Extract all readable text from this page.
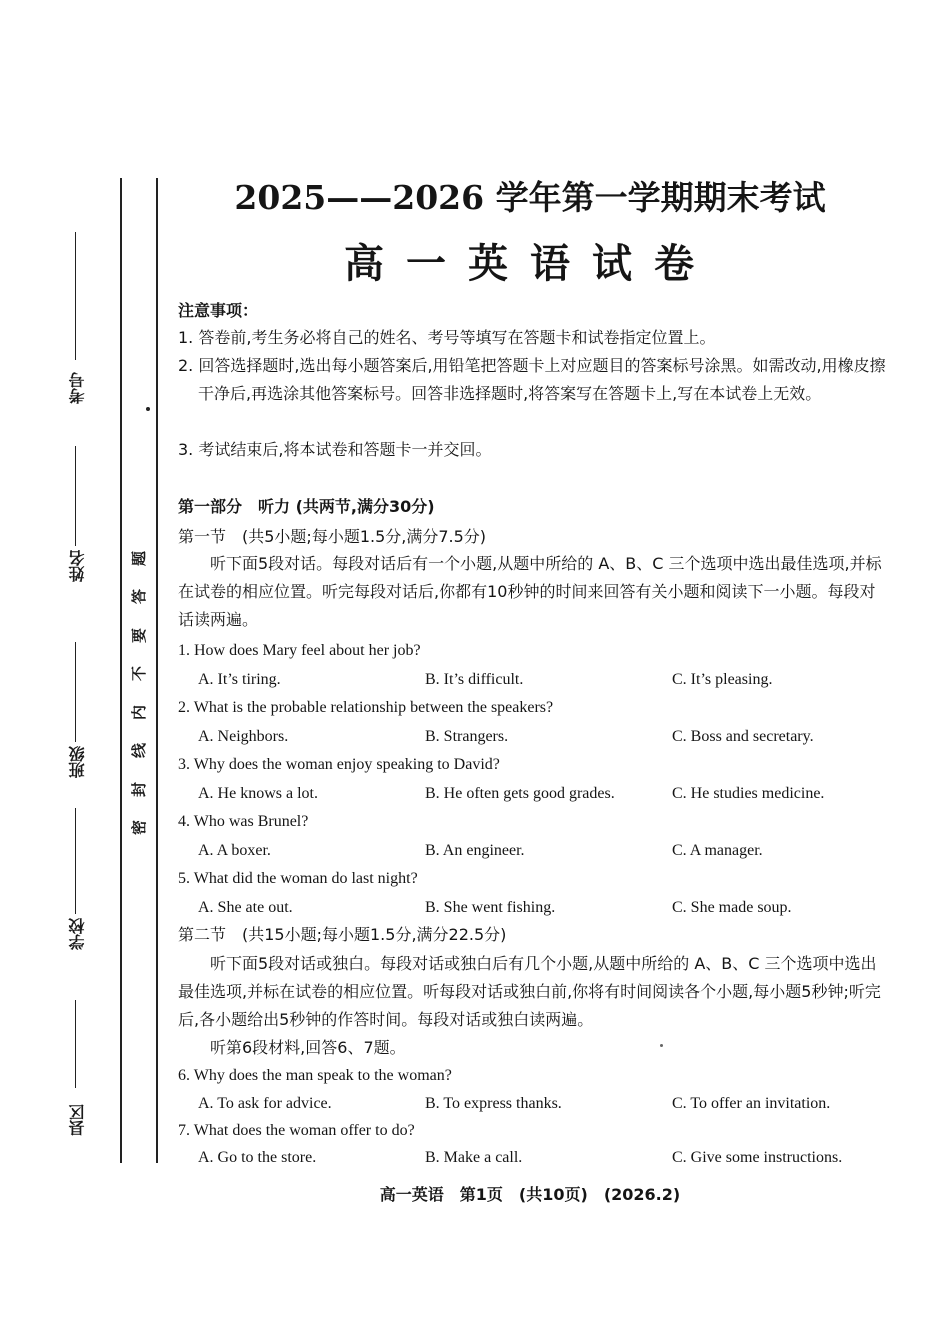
考号
姓名
班级
学校
县区
题
答
要
不
内
线
封
密
2025——2026 学年第一学期期末考试
高一英语试卷
注意事项：
1. 答卷前,考生务必将自己的姓名、考号等填写在答题卡和试卷指定位置上。
2. 回答选择题时,选出每小题答案后,用铅笔把答题卡上对应题目的答案标号涂黑。如需改动,用橡皮擦干净后,再选涂其他答案标号。回答非选择题时,将答案写在答题卡上,写在本试卷上无效。
3. 考试结束后,将本试卷和答题卡一并交回。
第一部分　听力 (共两节,满分30分)
第一节　(共5小题;每小题1.5分,满分7.5分)
听下面5段对话。每段对话后有一个小题,从题中所给的 A、B、C 三个选项中选出最佳选项,并标在试卷的相应位置。听完每段对话后,你都有10秒钟的时间来回答有关小题和阅读下一小题。每段对话读两遍。
1. How does Mary feel about her job?
A. It’s tiring.	B. It’s difficult.	C. It’s pleasing.
2. What is the probable relationship between the speakers?
A. Neighbors.	B. Strangers.	C. Boss and secretary.
3. Why does the woman enjoy speaking to David?
A. He knows a lot.	B. He often gets good grades.	C. He studies medicine.
4. Who was Brunel?
A. A boxer.	B. An engineer.	C. A manager.
5. What did the woman do last night?
A. She ate out.	B. She went fishing.	C. She made soup.
第二节　(共15小题;每小题1.5分,满分22.5分)
听下面5段对话或独白。每段对话或独白后有几个小题,从题中所给的 A、B、C 三个选项中选出最佳选项,并标在试卷的相应位置。听每段对话或独白前,你将有时间阅读各个小题,每小题5秒钟;听完后,各小题给出5秒钟的作答时间。每段对话或独白读两遍。
听第6段材料,回答6、7题。
6. Why does the man speak to the woman?
A. To ask for advice.	B. To express thanks.	C. To offer an invitation.
7. What does the woman offer to do?
A. Go to the store.	B. Make a call.	C. Give some instructions.
高一英语　第1页　(共10页)　(2026.2)
